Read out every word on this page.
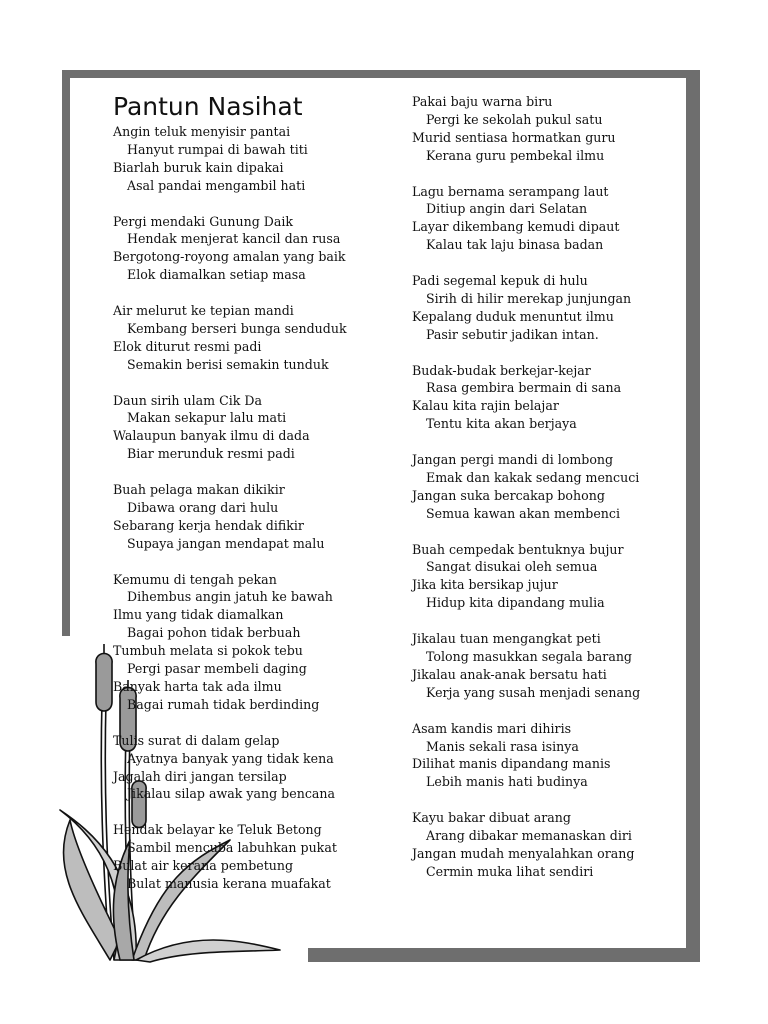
Pantun Nasihat
Angin teluk menyisir pantai
Hanyut rumpai di bawah titi
Biarlah buruk kain dipakai
Asal pandai mengambil hati
Pergi mendaki Gunung Daik
Hendak menjerat kancil dan rusa
Bergotong-royong amalan yang baik
Elok diamalkan setiap masa
Air melurut ke tepian mandi
Kembang berseri bunga senduduk
Elok diturut resmi padi
Semakin berisi semakin tunduk
Daun sirih ulam Cik Da
Makan sekapur lalu mati
Walaupun banyak ilmu di dada
Biar merunduk resmi padi
Buah pelaga makan dikikir
Dibawa orang dari hulu
Sebarang kerja hendak difikir
Supaya jangan mendapat malu
Kemumu di tengah pekan
Dihembus angin jatuh ke bawah
Ilmu yang tidak diamalkan
Bagai pohon tidak berbuah
Tumbuh melata si pokok tebu
Pergi pasar membeli daging
Banyak harta tak ada ilmu
Bagai rumah tidak berdinding
Tulis surat di dalam gelap
Ayatnya banyak yang tidak kena
Jagalah diri jangan tersilap
Jikalau silap awak yang bencana
Hendak belayar ke Teluk Betong
Sambil mencuba labuhkan pukat
Bulat air kerana pembetung
Bulat manusia kerana muafakat
Pakai baju warna biru
Pergi ke sekolah pukul satu
Murid sentiasa hormatkan guru
Kerana guru pembekal ilmu
Lagu bernama serampang laut
Ditiup angin dari Selatan
Layar dikembang kemudi dipaut
Kalau tak laju binasa badan
Padi segemal kepuk di hulu
Sirih di hilir merekap junjungan
Kepalang duduk menuntut ilmu
Pasir sebutir jadikan intan.
Budak-budak berkejar-kejar
Rasa gembira bermain di sana
Kalau kita rajin belajar
Tentu kita akan berjaya
Jangan pergi mandi di lombong
Emak dan kakak sedang mencuci
Jangan suka bercakap bohong
Semua kawan akan membenci
Buah cempedak bentuknya bujur
Sangat disukai oleh semua
Jika kita bersikap jujur
Hidup kita dipandang mulia
Jikalau tuan mengangkat peti
Tolong masukkan segala barang
Jikalau anak-anak bersatu hati
Kerja yang susah menjadi senang
Asam kandis mari dihiris
Manis sekali rasa isinya
Dilihat manis dipandang manis
Lebih manis hati budinya
Kayu bakar dibuat arang
Arang dibakar memanaskan diri
Jangan mudah menyalahkan orang
Cermin muka lihat sendiri
